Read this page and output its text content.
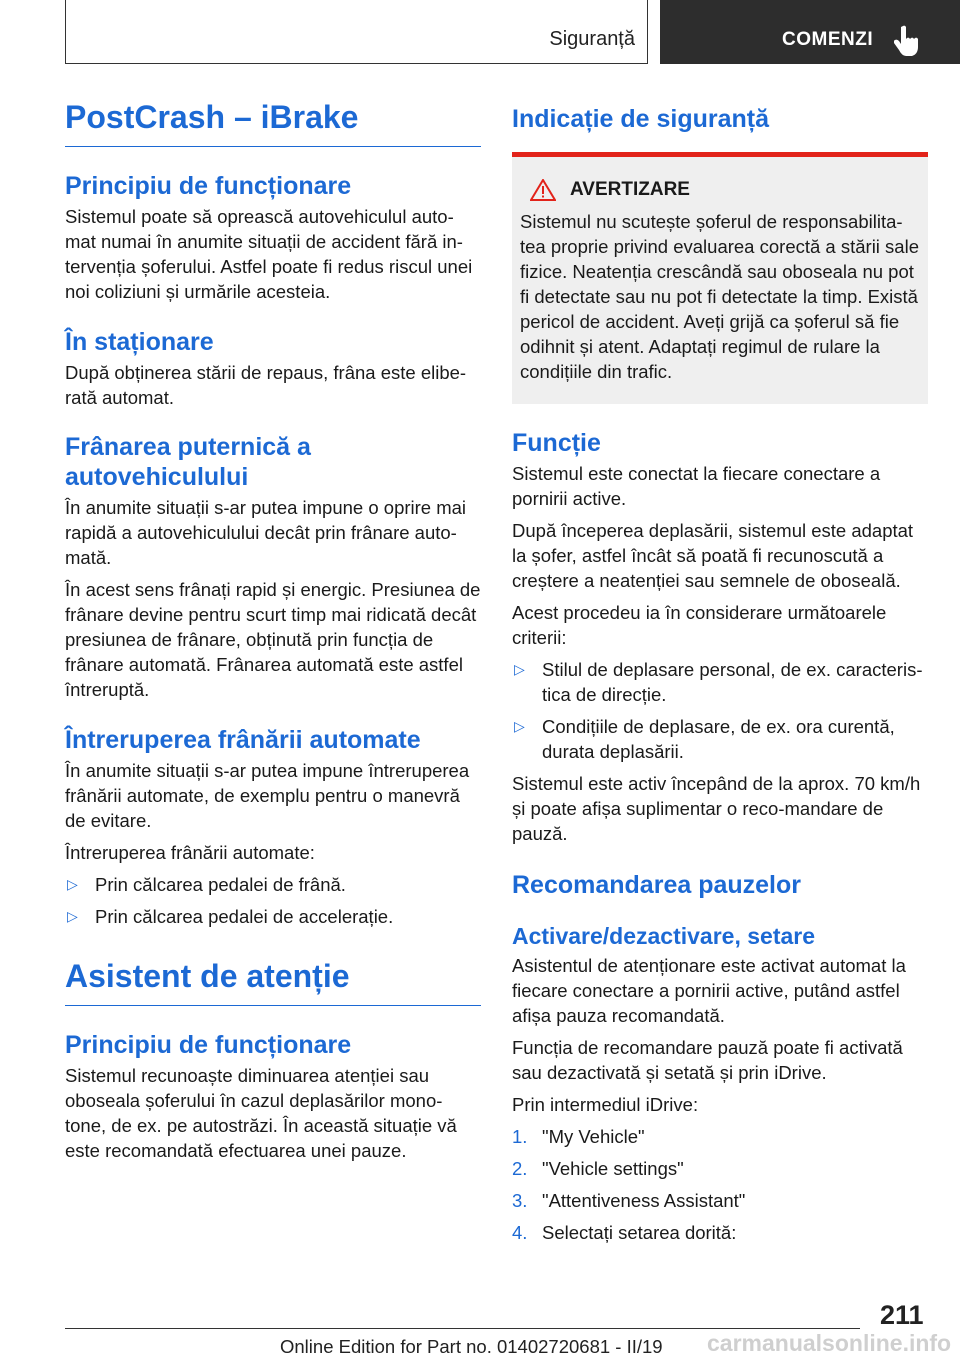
Siguranță	COMENZI
PostCrash – iBrake
Principiu de funcționare

Sistemul poate să oprească autovehiculul auto-mat numai în anumite situații de accident fără in-tervenția șoferului. Astfel poate fi redus riscul unei noi coliziuni și urmările acesteia.

În staționare

După obținerea stării de repaus, frâna este elibe-rată automat.

Frânarea puternică a autovehiculului

În anumite situații s-ar putea impune o oprire mai rapidă a autovehiculului decât prin frânare auto-mată.

În acest sens frânați rapid și energic. Presiunea de frânare devine pentru scurt timp mai ridicată decât presiunea de frânare, obținută prin funcția de frânare automată. Frânarea automată este astfel întreruptă.

Întreruperea frânării automate

În anumite situații s-ar putea impune întreruperea frânării automate, de exemplu pentru o manevră de evitare.

Întreruperea frânării automate:

▷ Prin călcarea pedalei de frână.
▷ Prin călcarea pedalei de accelerație.
Asistent de atenție
Principiu de funcționare

Sistemul recunoaște diminuarea atenției sau oboseala șoferului în cazul deplasărilor mono-tone, de ex. pe autostrăzi. În această situație vă este recomandată efectuarea unei pauze.

Indicație de siguranță
AVERTIZARE

Sistemul nu scutește șoferul de responsabilita-tea proprie privind evaluarea corectă a stării sale fizice. Neatenția crescândă sau oboseala nu pot fi detectate sau nu pot fi detectate la timp. Există pericol de accident. Aveți grijă ca șoferul să fie odihnit și atent. Adaptați regimul de rulare la condițiile din trafic.

Funcție

Sistemul este conectat la fiecare conectare a pornirii active.

După începerea deplasării, sistemul este adaptat la șofer, astfel încât să poată fi recunoscută a creștere a neatenției sau semnele de oboseală.

Acest procedeu ia în considerare următoarele criterii:

▷ Stilul de deplasare personal, de ex. caracteris-tica de direcție.
▷ Condițiile de deplasare, de ex. ora curentă, durata deplasării.

Sistemul este activ începând de la aprox. 70 km/h și poate afișa suplimentar o reco-mandare de pauză.

Recomandarea pauzelor
Activare/dezactivare, setare

Asistentul de atenționare este activat automat la fiecare conectare a pornirii active, putând astfel afișa pauza recomandată.

Funcția de recomandare pauză poate fi activată sau dezactivată și setată și prin iDrive.

Prin intermediul iDrive:

1. "My Vehicle"
2. "Vehicle settings"
3. "Attentiveness Assistant"
4. Selectați setarea dorită:
211
Online Edition for Part no. 01402720681 - II/19 carmanualsonline.info
